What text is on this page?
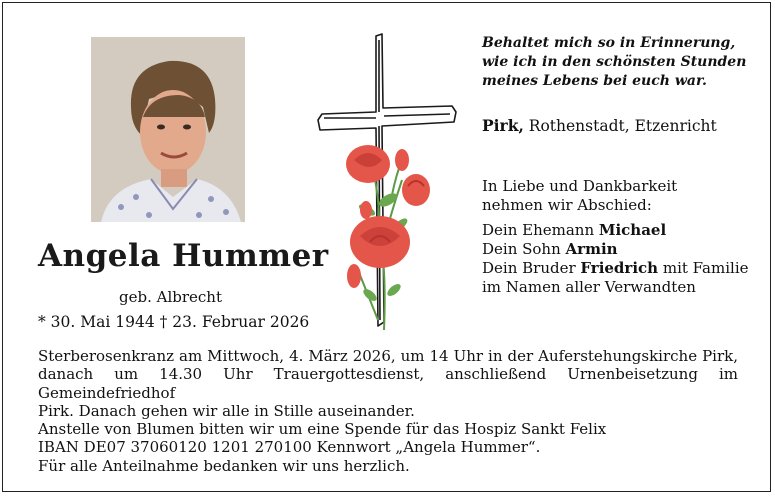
Angela Hummer
geb. Albrecht
* 30. Mai 1944 † 23. Februar 2026
Behaltet mich so in Erinnerung,
wie ich in den schönsten Stunden
meines Lebens bei euch war.
Pirk, Rothenstadt, Etzenricht
In Liebe und Dankbarkeit
nehmen wir Abschied:
Dein Ehemann Michael
Dein Sohn Armin
Dein Bruder Friedrich mit Familie
im Namen aller Verwandten
Sterberosenkranz am Mittwoch, 4. März 2026, um 14 Uhr in der Auferstehungskirche Pirk,
danach um 14.30 Uhr Trauergottesdienst, anschließend Urnenbeisetzung im Gemeindefriedhof
Pirk. Danach gehen wir alle in Stille auseinander.
Anstelle von Blumen bitten wir um eine Spende für das Hospiz Sankt Felix
IBAN DE07 37060120 1201 270100 Kennwort „Angela Hummer“.
Für alle Anteilnahme bedanken wir uns herzlich.
